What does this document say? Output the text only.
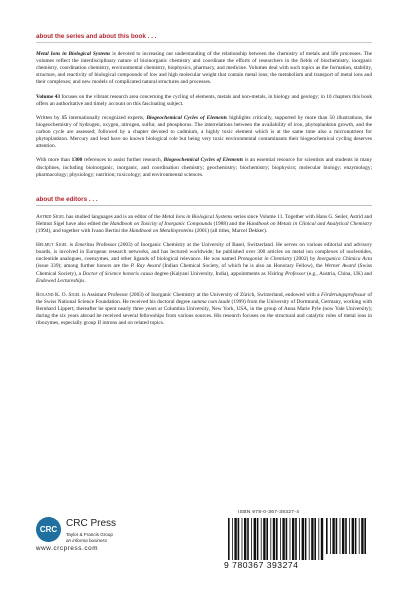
about the series and about this book . . .
Metal Ions in Biological Systems is devoted to increasing our understanding of the relationship between the chemistry of metals and life processes. The volumes reflect the interdisciplinary nature of bioinorganic chemistry and coordinate the efforts of researchers in the fields of biochemistry, inorganic chemistry, coordination chemistry, environmental chemistry, biophysics, pharmacy, and medicine. Volumes deal with such topics as the formation, stability, structure, and reactivity of biological compounds of low and high molecular weight that contain metal ions; the metabolism and transport of metal ions and their complexes; and new models of complicated natural structures and processes.
Volume 43 focuses on the vibrant research area concerning the cycling of elements, metals and non-metals, in biology and geology; in 10 chapters this book offers an authoritative and timely account on this fascinating subject.
Written by 15 internationally recognized experts, Biogeochemical Cycles of Elements highlights critically, supported by more than 50 illustrations, the biogeochemistry of hydrogen, oxygen, nitrogen, sulfur, and phosphorus. The interrelations between the availability of iron, phytoplankton growth, and the carbon cycle are assessed; followed by a chapter devoted to cadmium, a highly toxic element which is at the same time also a micronutrient for phytoplankton. Mercury and lead have no known biological role but being very toxic environmental contaminants their biogeochemical cycling deserves attention.
With more than 1300 references to assist further research, Biogeochemical Cycles of Elements is an essential resource for scientists and students in many disciplines, including bioinorganic, inorganic, and coordination chemistry; geochemistry; biochemistry; biophysics; molecular biology; enzymology; pharmacology; physiology; nutrition; toxicology; and environmental sciences.
about the editors . . .
Astrid Sigel has studied languages and is an editor of the Metal Ions in Biological Systems series since Volume 11. Together with Hans G. Seiler, Astrid and Helmut Sigel have also edited the Handbook on Toxicity of Inorganic Compounds (1988) and the Handbook on Metals in Clinical and Analytical Chemistry (1994), and together with Ivano Bertini the Handbook on Metalloproteins (2001) (all titles, Marcel Dekker).
Helmut Sigel is Emeritus Professor (2003) of Inorganic Chemistry at the University of Basel, Switzerland. He serves on various editorial and advisory boards, is involved in European research networks, and has lectured worldwide; he published over 300 articles on metal ion complexes of nucleotides, nucleotide analogues, coenzymes, and other ligands of biological relevance. He was named Protagonist in Chemistry (2002) by Inorganica Chimica Acta (issue 339); among further honors are the P. Ray Award (Indian Chemical Society, of which he is also an Honorary Fellow), the Werner Award (Swiss Chemical Society), a Doctor of Science honoris causa degree (Kalyani University, India), appointments as Visiting Professor (e.g., Austria, China, UK) and Endowed Lectureships.
Roland K. O. Sigel is Assistant Professor (2003) of Inorganic Chemistry at the University of Zürich, Switzerland, endowed with a Förderungsprofessur of the Swiss National Science Foundation. He received his doctoral degree summa cum laude (1999) from the University of Dortmund, Germany, working with Bernhard Lippert; thereafter he spent nearly three years at Columbia University, New York, USA, in the group of Anna Marie Pyle (now Yale University); during the six years abroad he received several fellowships from various sources. His research focuses on the structural and catalytic roles of metal ions in ribozymes, especially group II introns and on related topics.
CRC
CRC Press
Taylor & Francis Group
an informa business
www.crcpress.com
ISBN 978-0-367-39327-4
9 780367 393274
